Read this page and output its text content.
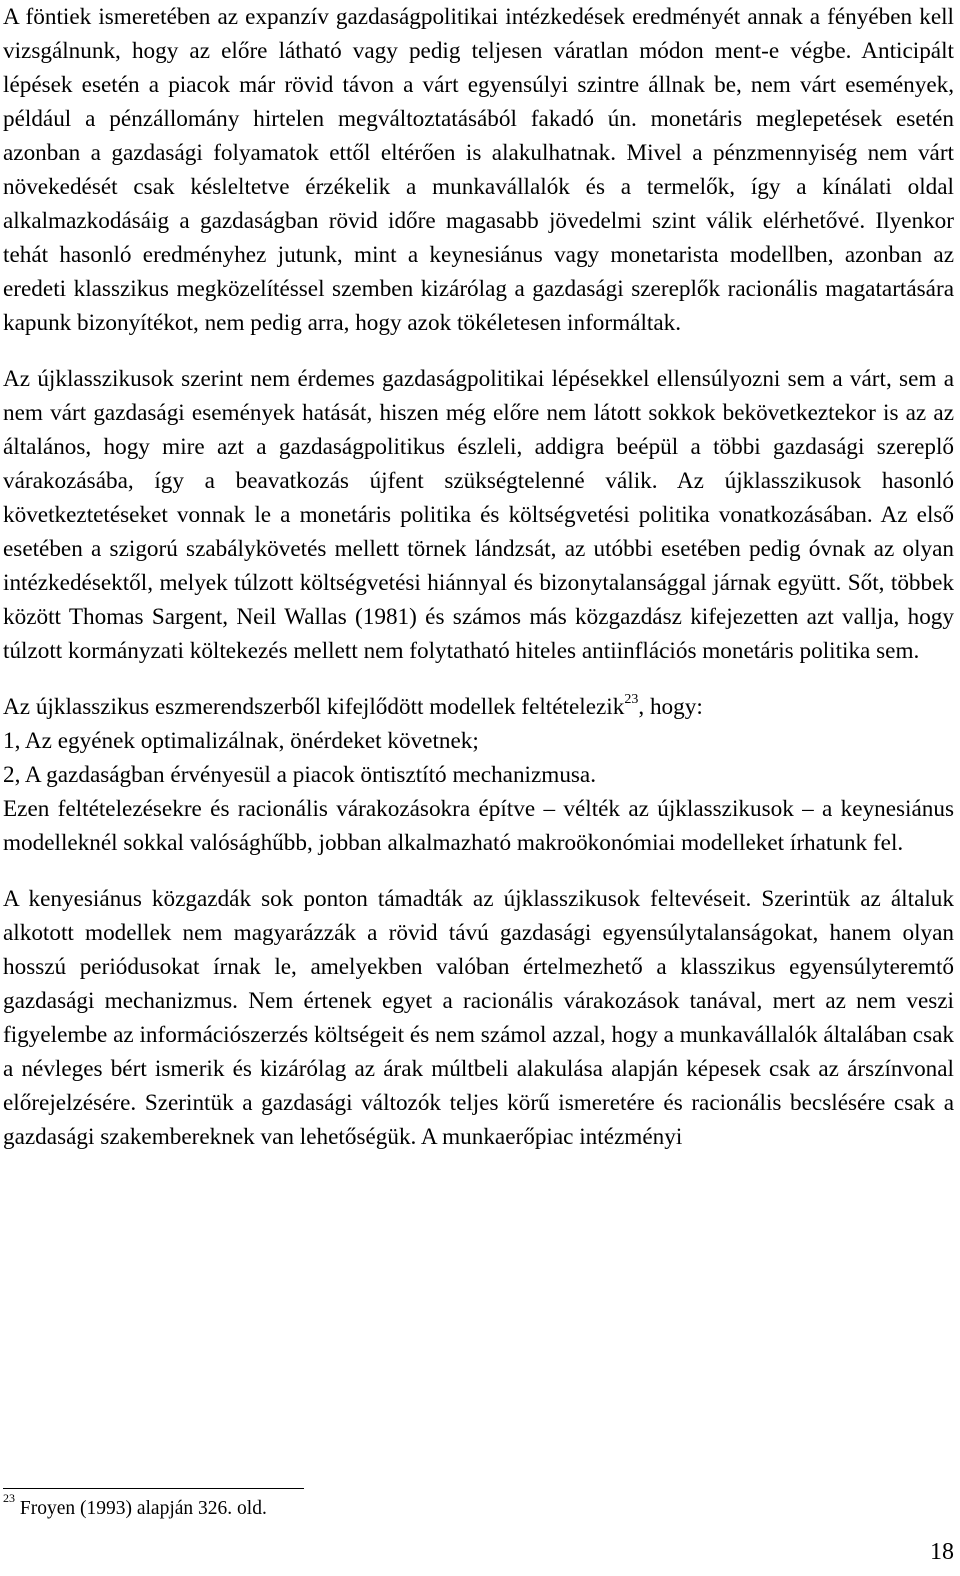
A föntiek ismeretében az expanzív gazdaságpolitikai intézkedések eredményét annak a fényében kell vizsgálnunk, hogy az előre látható vagy pedig teljesen váratlan módon ment-e végbe. Anticipált lépések esetén a piacok már rövid távon a várt egyensúlyi szintre állnak be, nem várt események, például a pénzállomány hirtelen megváltoztatásából fakadó ún. monetáris meglepetések esetén azonban a gazdasági folyamatok ettől eltérően is alakulhatnak. Mivel a pénzmennyiség nem várt növekedését csak késleltetve érzékelik a munkavállalók és a termelők, így a kínálati oldal alkalmazkodásáig a gazdaságban rövid időre magasabb jövedelmi szint válik elérhetővé. Ilyenkor tehát hasonló eredményhez jutunk, mint a keynesiánus vagy monetarista modellben, azonban az eredeti klasszikus megközelítéssel szemben kizárólag a gazdasági szereplők racionális magatartására kapunk bizonyítékot, nem pedig arra, hogy azok tökéletesen informáltak.

Az újklasszikusok szerint nem érdemes gazdaságpolitikai lépésekkel ellensúlyozni sem a várt, sem a nem várt gazdasági események hatását, hiszen még előre nem látott sokkok bekövetkeztekor is az az általános, hogy mire azt a gazdaságpolitikus észleli, addigra beépül a többi gazdasági szereplő várakozásába, így a beavatkozás újfent szükségtelenné válik. Az újklasszikusok hasonló következtetéseket vonnak le a monetáris politika és költségvetési politika vonatkozásában. Az első esetében a szigorú szabálykövetés mellett törnek lándzsát, az utóbbi esetében pedig óvnak az olyan intézkedésektől, melyek túlzott költségvetési hiánnyal és bizonytalansággal járnak együtt. Sőt, többek között Thomas Sargent, Neil Wallas (1981) és számos más közgazdász kifejezetten azt vallja, hogy túlzott kormányzati költekezés mellett nem folytatható hiteles antiinflációs monetáris politika sem.

Az újklasszikus eszmerendszerből kifejlődött modellek feltételezik$^{23}$, hogy:

1, Az egyének optimalizálnak, önérdeket követnek;

2, A gazdaságban érvényesül a piacok öntisztító mechanizmusa.

Ezen feltételezésekre és racionális várakozásokra építve – vélték az újklasszikusok – a keynesiánus modelleknél sokkal valósághűbb, jobban alkalmazható makroökonómiai modelleket írhatunk fel.

A kenyesiánus közgazdák sok ponton támadták az újklasszikusok feltevéseit. Szerintük az általuk alkotott modellek nem magyarázzák a rövid távú gazdasági egyensúlytalanságokat, hanem olyan hosszú periódusokat írnak le, amelyekben valóban értelmezhető a klasszikus egyensúlyteremtő gazdasági mechanizmus. Nem értenek egyet a racionális várakozások tanával, mert az nem veszi figyelembe az információszerzés költségeit és nem számol azzal, hogy a munkavállalók általában csak a névleges bért ismerik és kizárólag az árak múltbeli alakulása alapján képesek csak az árszínvonal előrejelzésére. Szerintük a gazdasági változók teljes körű ismeretére és racionális becslésére csak a gazdasági szakembereknek van lehetőségük. A munkaerőpiac intézményi

$^{23}$ Froyen (1993) alapján 326. old.
18
